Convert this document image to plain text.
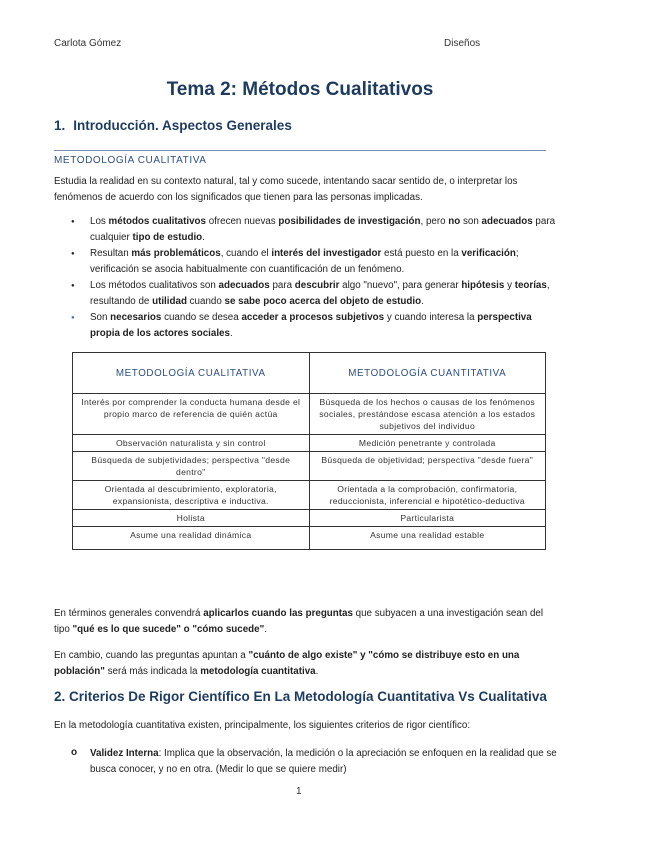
Carlota Gómez	Diseños
Tema 2: Métodos Cualitativos
1. Introducción. Aspectos Generales
METODOLOGÍA CUALITATIVA
Estudia la realidad en su contexto natural, tal y como sucede, intentando sacar sentido de, o interpretar los fenómenos de acuerdo con los significados que tienen para las personas implicadas.
● Los métodos cualitativos ofrecen nuevas posibilidades de investigación, pero no son adecuados para cualquier tipo de estudio.
● Resultan más problemáticos, cuando el interés del investigador está puesto en la verificación; verificación se asocia habitualmente con cuantificación de un fenómeno.
● Los métodos cualitativos son adecuados para descubrir algo "nuevo", para generar hipótesis y teorías, resultando de utilidad cuando se sabe poco acerca del objeto de estudio.
● Son necesarios cuando se desea acceder a procesos subjetivos y cuando interesa la perspectiva propia de los actores sociales.
METODOLOGÍA CUALITATIVA	METODOLOGÍA CUANTITATIVA
Interés por comprender la conducta humana desde el propio marco de referencia de quién actúa	Búsqueda de los hechos o causas de los fenómenos sociales, prestándose escasa atención a los estados subjetivos del individuo
Observación naturalista y sin control	Medición penetrante y controlada
Búsqueda de subjetividades; perspectiva "desde dentro"	Búsqueda de objetividad; perspectiva "desde fuera"
Orientada al descubrimiento, exploratoria, expansionista, descriptiva e inductiva.	Orientada a la comprobación, confirmatoria, reduccionista, inferencial e hipotético-deductiva
Holista	Particularista
Asume una realidad dinámica	Asume una realidad estable
En términos generales convendrá aplicarlos cuando las preguntas que subyacen a una investigación sean del tipo "qué es lo que sucede" o "cómo sucede".
En cambio, cuando las preguntas apuntan a "cuánto de algo existe" y "cómo se distribuye esto en una población" será más indicada la metodología cuantitativa.
2. Criterios De Rigor Científico En La Metodología Cuantitativa Vs Cualitativa
En la metodología cuantitativa existen, principalmente, los siguientes criterios de rigor científico:
o Validez Interna: Implica que la observación, la medición o la apreciación se enfoquen en la realidad que se busca conocer, y no en otra. (Medir lo que se quiere medir)
1
